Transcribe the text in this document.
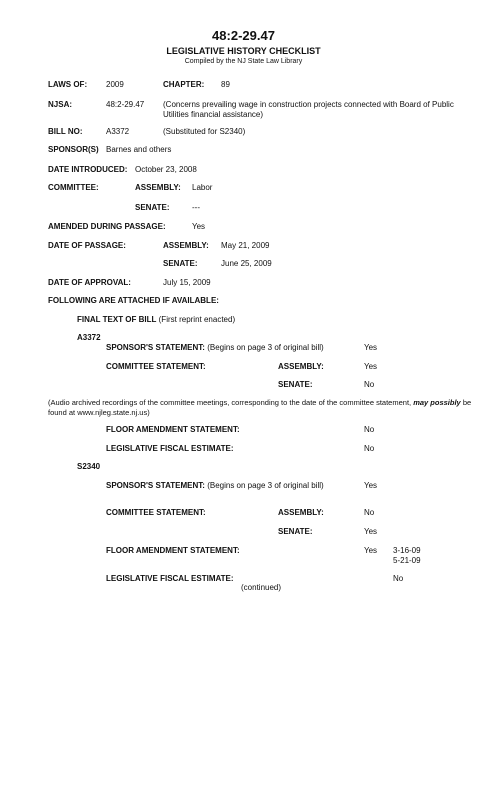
48:2-29.47
LEGISLATIVE HISTORY CHECKLIST
Compiled by the NJ State Law Library
LAWS OF: 2009	CHAPTER: 89
NJSA:	48:2-29.47 (Concerns prevailing wage in construction projects connected with Board of Public Utilities financial assistance)
BILL NO:	A3372	(Substituted for S2340)
SPONSOR(S) Barnes and others
DATE INTRODUCED: October 23, 2008
COMMITTEE:	ASSEMBLY: Labor
SENATE:	---
AMENDED DURING PASSAGE:	Yes
DATE OF PASSAGE:	ASSEMBLY: May 21, 2009
SENATE:	June 25, 2009
DATE OF APPROVAL:	July 15, 2009
FOLLOWING ARE ATTACHED IF AVAILABLE:
FINAL TEXT OF BILL (First reprint enacted)
A3372
SPONSOR'S STATEMENT: (Begins on page 3 of original bill)	Yes
COMMITTEE STATEMENT:	ASSEMBLY:	Yes
SENATE:	No
(Audio archived recordings of the committee meetings, corresponding to the date of the committee statement, may possibly be found at www.njleg.state.nj.us)
FLOOR AMENDMENT STATEMENT:	No
LEGISLATIVE FISCAL ESTIMATE:	No
S2340
SPONSOR'S STATEMENT: (Begins on page 3 of original bill)	Yes
COMMITTEE STATEMENT:	ASSEMBLY:	No
SENATE:	Yes
FLOOR AMENDMENT STATEMENT:	Yes 3-16-09
5-21-09
LEGISLATIVE FISCAL ESTIMATE:	No
(continued)
